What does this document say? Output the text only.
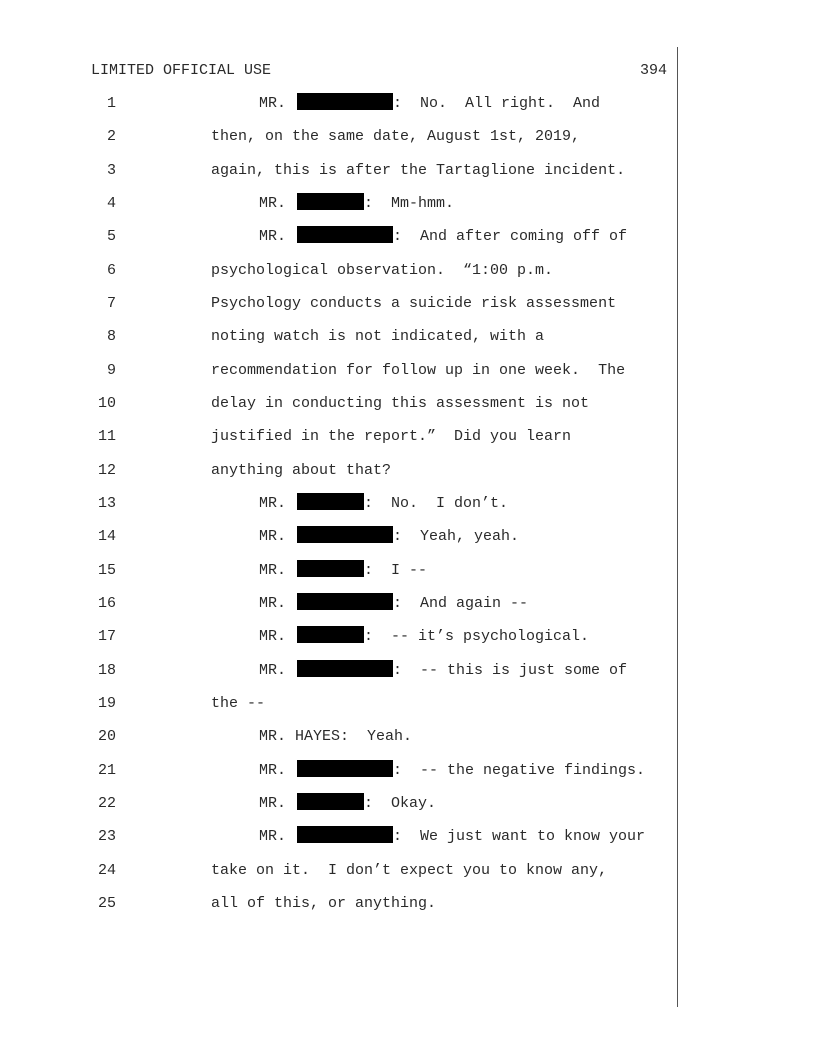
LIMITED OFFICIAL USE	394
1	MR.	:  No.  All right.  And
2	then, on the same date, August 1st, 2019,
3	again, this is after the Tartaglione incident.
4	MR.	:  Mm-hmm.
5	MR.	:  And after coming off of
6	psychological observation.  “1:00 p.m.
7	Psychology conducts a suicide risk assessment
8	noting watch is not indicated, with a
9	recommendation for follow up in one week.  The
10	delay in conducting this assessment is not
11	justified in the report.”  Did you learn
12	anything about that?
13	MR.	:  No.  I don’t.
14	MR.	:  Yeah, yeah.
15	MR.	:  I --
16	MR.	:  And again --
17	MR.	:  -- it’s psychological.
18	MR.	:  -- this is just some of
19	the --
20	MR. HAYES:  Yeah.
21	MR.	:  -- the negative findings.
22	MR.	:  Okay.
23	MR.	:  We just want to know your
24	take on it.  I don’t expect you to know any,
25	all of this, or anything.
